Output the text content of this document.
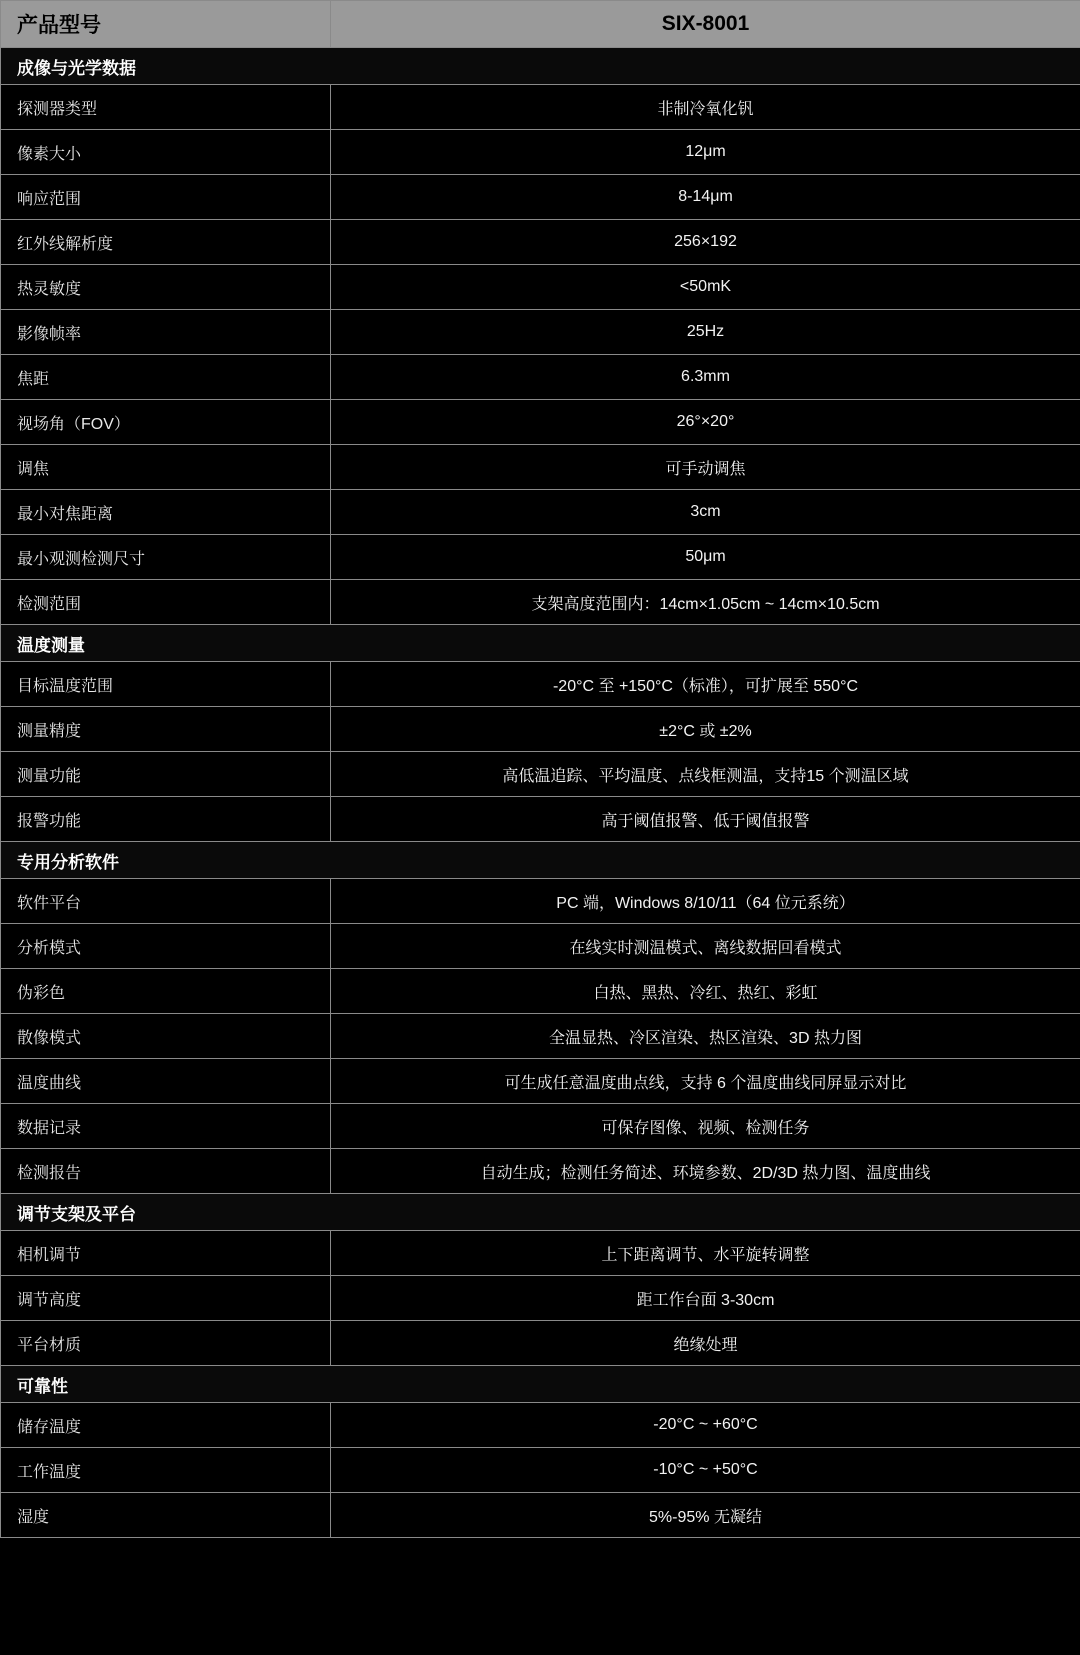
产品型号	SIX-8001
成像与光学数据	
探测器类型	非制冷氧化钒
像素大小	12μm
响应范围	8-14μm
红外线解析度	256×192
热灵敏度	<50mK
影像帧率	25Hz
焦距	6.3mm
视场角（FOV）	26°×20°
调焦	可手动调焦
最小对焦距离	3cm
最小观测检测尺寸	50μm
检测范围	支架高度范围内：14cm×1.05cm ~ 14cm×10.5cm
温度测量	
目标温度范围	-20°C 至 +150°C（标准），可扩展至 550°C
测量精度	±2°C 或 ±2%
测量功能	高低温追踪、平均温度、点线框测温，支持15 个测温区域
报警功能	高于阈值报警、低于阈值报警
专用分析软件	
软件平台	PC 端，Windows 8/10/11（64 位元系统）
分析模式	在线实时测温模式、离线数据回看模式
伪彩色	白热、黑热、冷红、热红、彩虹
散像模式	全温显热、冷区渲染、热区渲染、3D 热力图
温度曲线	可生成任意温度曲点线，支持 6 个温度曲线同屏显示对比
数据记录	可保存图像、视频、检测任务
检测报告	自动生成；检测任务简述、环境参数、2D/3D 热力图、温度曲线
调节支架及平台	
相机调节	上下距离调节、水平旋转调整
调节高度	距工作台面 3-30cm
平台材质	绝缘处理
可靠性	
储存温度	-20°C ~ +60°C
工作温度	-10°C ~ +50°C
湿度	5%-95% 无凝结
